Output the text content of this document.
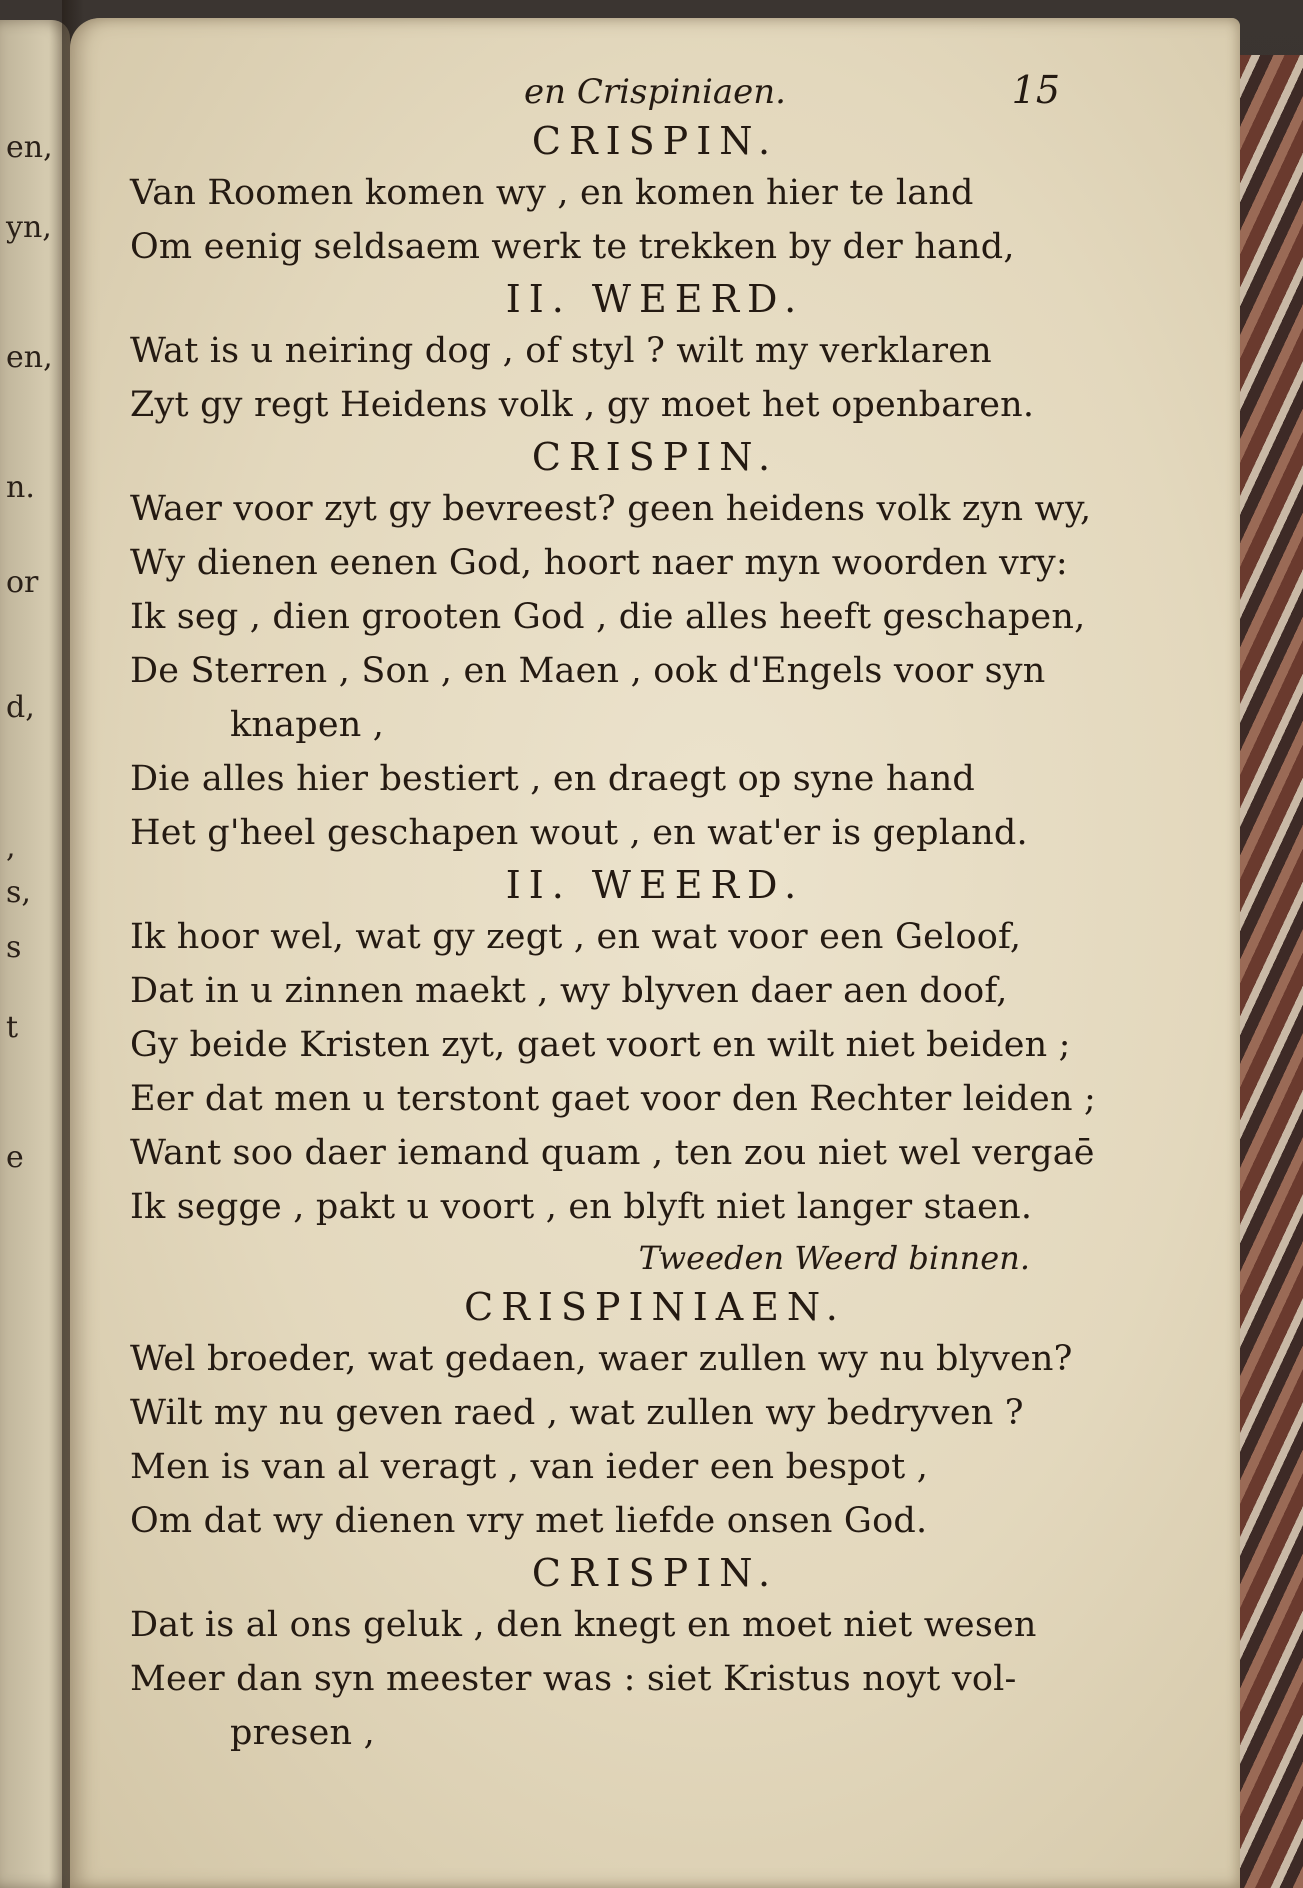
en,
yn,
en,
n.
or
d,
,
s,
s
t
e
en Crispiniaen.	15
CRISPIN.
Van Roomen komen wy , en komen hier te land
Om eenig seldsaem werk te trekken by der hand,
II. WEERD.
Wat is u neiring dog , of styl ? wilt my verklaren
Zyt gy regt Heidens volk , gy moet het openbaren.
CRISPIN.
Waer voor zyt gy bevreest? geen heidens volk zyn wy,
Wy dienen eenen God, hoort naer myn woorden vry:
Ik seg , dien grooten God , die alles heeft geschapen,
De Sterren , Son , en Maen , ook d'Engels voor syn
knapen ,
Die alles hier bestiert , en draegt op syne hand
Het g'heel geschapen wout , en wat'er is gepland.
II. WEERD.
Ik hoor wel, wat gy zegt , en wat voor een Geloof,
Dat in u zinnen maekt , wy blyven daer aen doof,
Gy beide Kristen zyt, gaet voort en wilt niet beiden ;
Eer dat men u terstont gaet voor den Rechter leiden ;
Want soo daer iemand quam , ten zou niet wel vergaē
Ik segge , pakt u voort , en blyft niet langer staen.
Tweeden Weerd binnen.
CRISPINIAEN.
Wel broeder, wat gedaen, waer zullen wy nu blyven?
Wilt my nu geven raed , wat zullen wy bedryven ?
Men is van al veragt , van ieder een bespot ,
Om dat wy dienen vry met liefde onsen God.
CRISPIN.
Dat is al ons geluk , den knegt en moet niet wesen
Meer dan syn meester was : siet Kristus noyt vol-
presen ,
